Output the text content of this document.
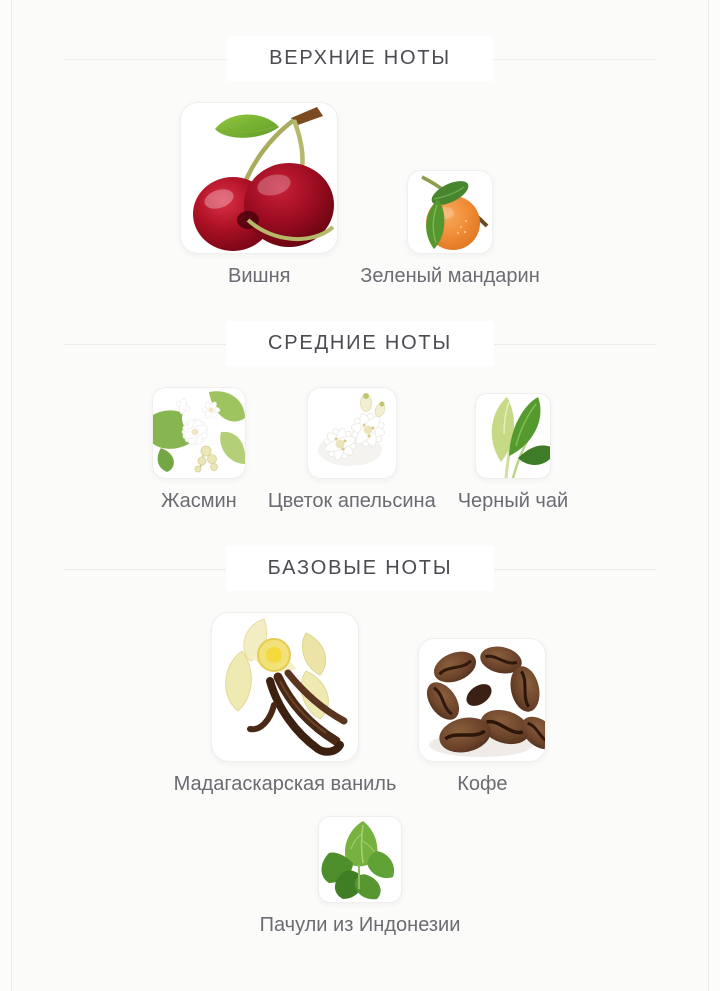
ВЕРХНИЕ НОТЫ
Вишня	Зеленый мандарин
СРЕДНИЕ НОТЫ
Жасмин Цветок апельсина Черный чай
БАЗОВЫЕ НОТЫ
Мадагаскарская ваниль	Кофе
Пачули из Индонезии
